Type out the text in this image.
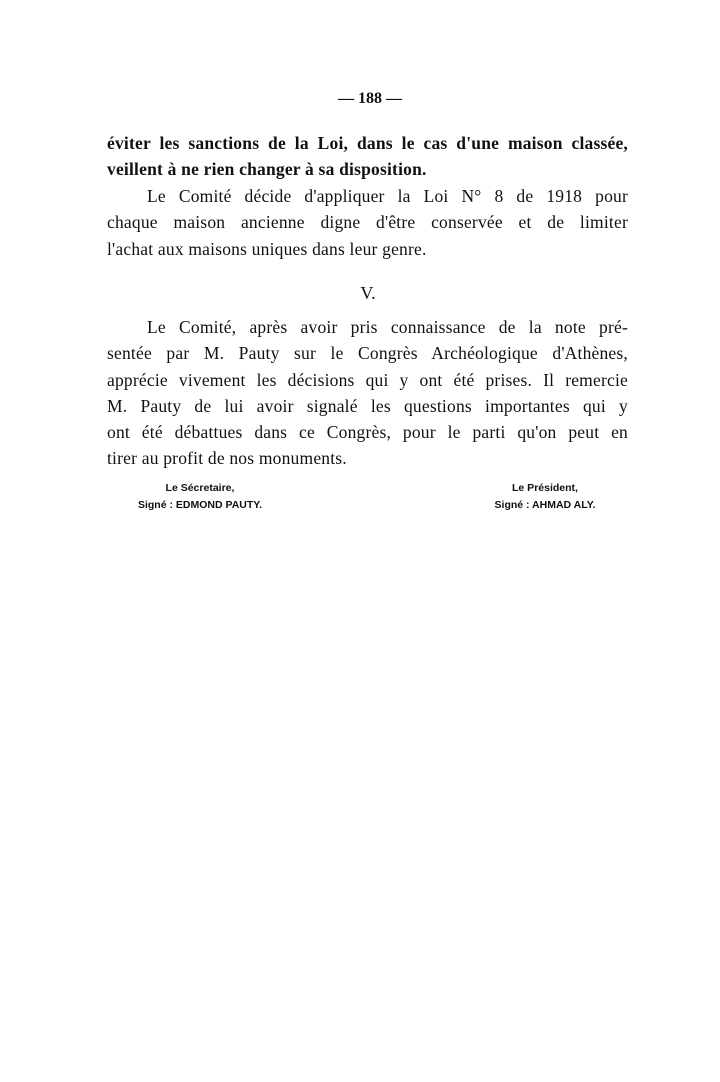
— 188 —
éviter les sanctions de la Loi, dans le cas d'une maison classée,
veillent à ne rien changer à sa disposition.
Le Comité décide d'appliquer la Loi N° 8 de 1918 pour
chaque maison ancienne digne d'être conservée et de limiter
l'achat aux maisons uniques dans leur genre.
V.
Le Comité, après avoir pris connaissance de la note pré-
sentée par M. Pauty sur le Congrès Archéologique d'Athènes,
apprécie vivement les décisions qui y ont été prises. Il remercie
M. Pauty de lui avoir signalé les questions importantes qui y
ont été débattues dans ce Congrès, pour le parti qu'on peut en
tirer au profit de nos monuments.
Le Sécretaire,
Signé : EDMOND PAUTY.
Le Président,
Signé : AHMAD ALY.
